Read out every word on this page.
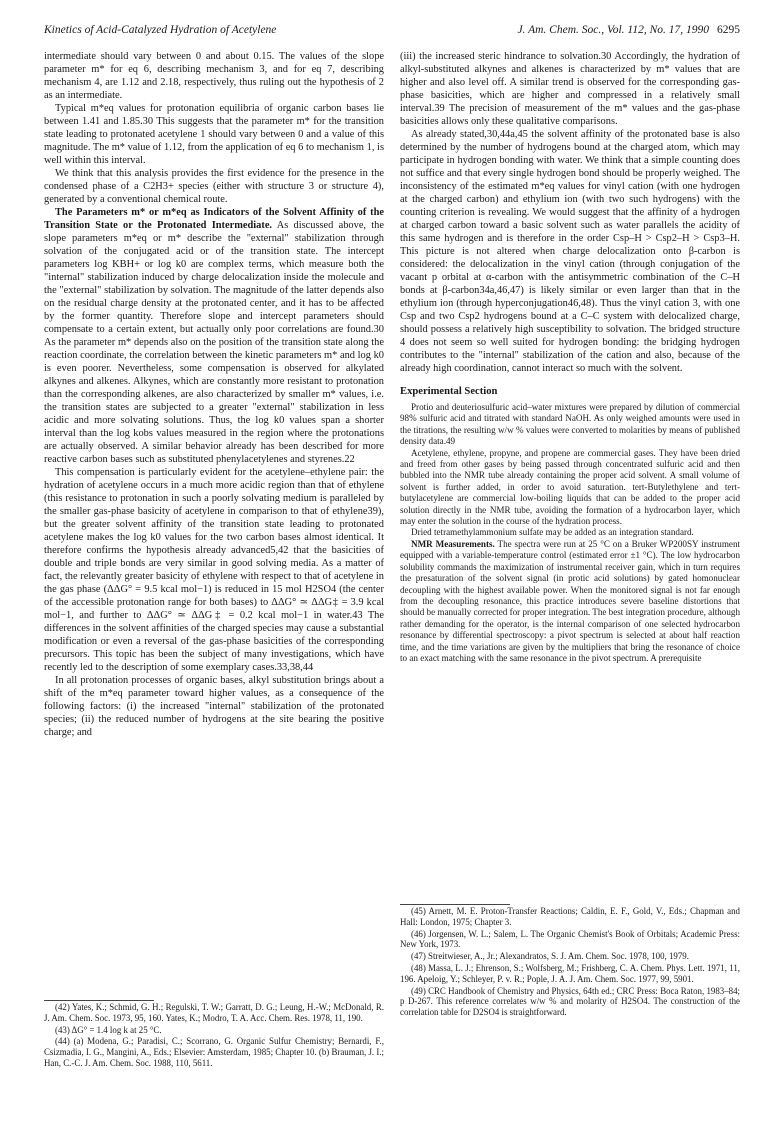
Kinetics of Acid-Catalyzed Hydration of Acetylene	J. Am. Chem. Soc., Vol. 112, No. 17, 1990 6295

intermediate should vary between 0 and about 0.15. The values of the slope parameter m* for eq 6, describing mechanism 3, and for eq 7, describing mechanism 4, are 1.12 and 2.18, respectively, thus ruling out the hypothesis of 2 as an intermediate.

Typical m*eq values for protonation equilibria of organic carbon bases lie between 1.41 and 1.85.30 This suggests that the parameter m* for the transition state leading to protonated acetylene 1 should vary between 0 and a value of this magnitude. The m* value of 1.12, from the application of eq 6 to mechanism 1, is well within this interval.

We think that this analysis provides the first evidence for the presence in the condensed phase of a C2H3+ species (either with structure 3 or structure 4), generated by a conventional chemical route.

The Parameters m* or m*eq as Indicators of the Solvent Affinity of the Transition State or the Protonated Intermediate. As discussed above, the slope parameters m*eq or m* describe the "external" stabilization through solvation of the conjugated acid or of the transition state. The intercept parameters log KBH+ or log k0 are complex terms, which measure both the "internal" stabilization induced by charge delocalization inside the molecule and the "external" stabilization by solvation. The magnitude of the latter depends also on the residual charge density at the protonated center, and it has to be affected by the former quantity. Therefore slope and intercept parameters should compensate to a certain extent, but actually only poor correlations are found.30 As the parameter m* depends also on the position of the transition state along the reaction coordinate, the correlation between the kinetic parameters m* and log k0 is even poorer. Nevertheless, some compensation is observed for alkylated alkynes and alkenes. Alkynes, which are constantly more resistant to protonation than the corresponding alkenes, are also characterized by smaller m* values, i.e. the transition states are subjected to a greater "external" stabilization in less acidic and more solvating solutions. Thus, the log k0 values span a shorter interval than the log kobs values measured in the region where the protonations are actually observed. A similar behavior already has been described for more reactive carbon bases such as substituted phenylacetylenes and styrenes.22

This compensation is particularly evident for the acetylene–ethylene pair: the hydration of acetylene occurs in a much more acidic region than that of ethylene (this resistance to protonation in such a poorly solvating medium is paralleled by the smaller gas-phase basicity of acetylene in comparison to that of ethylene39), but the greater solvent affinity of the transition state leading to protonated acetylene makes the log k0 values for the two carbon bases almost identical. It therefore confirms the hypothesis already advanced5,42 that the basicities of double and triple bonds are very similar in good solving media. As a matter of fact, the relevantly greater basicity of ethylene with respect to that of acetylene in the gas phase (ΔΔG° = 9.5 kcal mol−1) is reduced in 15 mol H2SO4 (the center of the accessible protonation range for both bases) to ΔΔG° ≃ ΔΔG‡ = 3.9 kcal mol−1, and further to ΔΔG° ≃ ΔΔG‡ = 0.2 kcal mol−1 in water.43 The differences in the solvent affinities of the charged species may cause a substantial modification or even a reversal of the gas-phase basicities of the corresponding precursors. This topic has been the subject of many investigations, which have recently led to the description of some exemplary cases.33,38,44

In all protonation processes of organic bases, alkyl substitution brings about a shift of the m*eq parameter toward higher values, as a consequence of the following factors: (i) the increased "internal" stabilization of the protonated species; (ii) the reduced number of hydrogens at the site bearing the positive charge; and

(42) Yates, K.; Schmid, G. H.; Regulski, T. W.; Garratt, D. G.; Leung, H.-W.; McDonald, R. J. Am. Chem. Soc. 1973, 95, 160. Yates, K.; Modro, T. A. Acc. Chem. Res. 1978, 11, 190.
(43) ΔG° = 1.4 log k at 25 °C.
(44) (a) Modena, G.; Paradisi, C.; Scorrano, G. Organic Sulfur Chemistry; Bernardi, F., Csizmadia, I. G., Mangini, A., Eds.; Elsevier: Amsterdam, 1985; Chapter 10. (b) Brauman, J. I.; Han, C.-C. J. Am. Chem. Soc. 1988, 110, 5611.

(iii) the increased steric hindrance to solvation.30 Accordingly, the hydration of alkyl-substituted alkynes and alkenes is characterized by m* values that are higher and also level off. A similar trend is observed for the corresponding gas-phase basicities, which are higher and compressed in a relatively small interval.39 The precision of measurement of the m* values and the gas-phase basicities allows only these qualitative comparisons.

As already stated,30,44a,45 the solvent affinity of the protonated base is also determined by the number of hydrogens bound at the charged atom, which may participate in hydrogen bonding with water. We think that a simple counting does not suffice and that every single hydrogen bond should be properly weighed. The inconsistency of the estimated m*eq values for vinyl cation (with one hydrogen at the charged carbon) and ethylium ion (with two such hydrogens) with the counting criterion is revealing. We would suggest that the affinity of a hydrogen at charged carbon toward a basic solvent such as water parallels the acidity of this same hydrogen and is therefore in the order Csp–H > Csp2–H > Csp3–H. This picture is not altered when charge delocalization onto β-carbon is considered: the delocalization in the vinyl cation (through conjugation of the vacant p orbital at α-carbon with the antisymmetric combination of the C–H bonds at β-carbon34a,46,47) is likely similar or even larger than that in the ethylium ion (through hyperconjugation46,48). Thus the vinyl cation 3, with one Csp and two Csp2 hydrogens bound at a C–C system with delocalized charge, should possess a relatively high susceptibility to solvation. The bridged structure 4 does not seem so well suited for hydrogen bonding: the bridging hydrogen contributes to the "internal" stabilization of the cation and also, because of the already high coordination, cannot interact so much with the solvent.

Experimental Section

Protio and deuteriosulfuric acid–water mixtures were prepared by dilution of commercial 98% sulfuric acid and titrated with standard NaOH. As only weighed amounts were used in the titrations, the resulting w/w % values were converted to molarities by means of published density data.49

Acetylene, ethylene, propyne, and propene are commercial gases. They have been dried and freed from other gases by being passed through concentrated sulfuric acid and then bubbled into the NMR tube already containing the proper acid solvent. A small volume of solvent is further added, in order to avoid saturation. tert-Butylethylene and tert-butylacetylene are commercial low-boiling liquids that can be added to the proper acid solution directly in the NMR tube, avoiding the formation of a hydrocarbon layer, which may enter the solution in the course of the hydration process.

Dried tetramethylammonium sulfate may be added as an integration standard.

NMR Measurements. The spectra were run at 25 °C on a Bruker WP200SY instrument equipped with a variable-temperature control (estimated error ±1 °C). The low hydrocarbon solubility commands the maximization of instrumental receiver gain, which in turn requires the presaturation of the solvent signal (in protic acid solutions) by gated homonuclear decoupling with the highest available power. When the monitored signal is not far enough from the decoupling resonance, this practice introduces severe baseline distortions that should be manually corrected for proper integration. The best integration procedure, although rather demanding for the operator, is the internal comparison of one selected hydrocarbon resonance by differential spectroscopy: a pivot spectrum is selected at about half reaction time, and the time variations are given by the multipliers that bring the resonance of choice to an exact matching with the same resonance in the pivot spectrum. A prerequisite

(45) Arnett, M. E. Proton-Transfer Reactions; Caldin, E. F., Gold, V., Eds.; Chapman and Hall: London, 1975; Chapter 3.
(46) Jorgensen, W. L.; Salem, L. The Organic Chemist's Book of Orbitals; Academic Press: New York, 1973.
(47) Streitwieser, A., Jr.; Alexandratos, S. J. Am. Chem. Soc. 1978, 100, 1979.
(48) Massa, L. J.; Ehrenson, S.; Wolfsberg, M.; Frishberg, C. A. Chem. Phys. Lett. 1971, 11, 196. Apeloig, Y.; Schleyer, P. v. R.; Pople, J. A. J. Am. Chem. Soc. 1977, 99, 5901.
(49) CRC Handbook of Chemistry and Physics, 64th ed.; CRC Press: Boca Raton, 1983–84; p D-267. This reference correlates w/w % and molarity of H2SO4. The construction of the correlation table for D2SO4 is straightforward.
